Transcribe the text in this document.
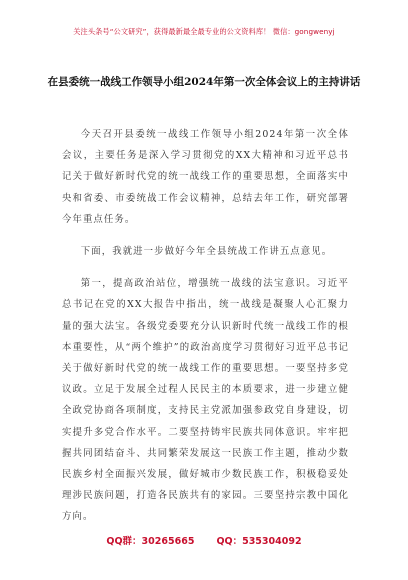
关注头条号“公文研究”，获得最新最全最专业的公文资料库！ 微信：gongwenyj
在县委统一战线工作领导小组2024年第一次全体会议上的主持讲话

今天召开县委统一战线工作领导小组2024年第一次全体会议，主要任务是深入学习贯彻党的XX大精神和习近平总书记关于做好新时代党的统一战线工作的重要思想，全面落实中央和省委、市委统战工作会议精神，总结去年工作，研究部署今年重点任务。

下面，我就进一步做好今年全县统战工作讲五点意见。

第一，提高政治站位，增强统一战线的法宝意识。习近平总书记在党的XX大报告中指出，统一战线是凝聚人心汇聚力量的强大法宝。各级党委要充分认识新时代统一战线工作的根本重要性，从“两个维护”的政治高度学习贯彻好习近平总书记关于做好新时代党的统一战线工作的重要思想。一要坚持多党议政。立足于发展全过程人民民主的本质要求，进一步建立健全政党协商各项制度，支持民主党派加强参政党自身建设，切实提升多党合作水平。二要坚持铸牢民族共同体意识。牢牢把握共同团结奋斗、共同繁荣发展这一民族工作主题，推动少数民族乡村全面振兴发展，做好城市少数民族工作，积极稳妥处理涉民族问题，打造各民族共有的家园。三要坚持宗教中国化方向。

QQ群：30265665 QQ：535304092
